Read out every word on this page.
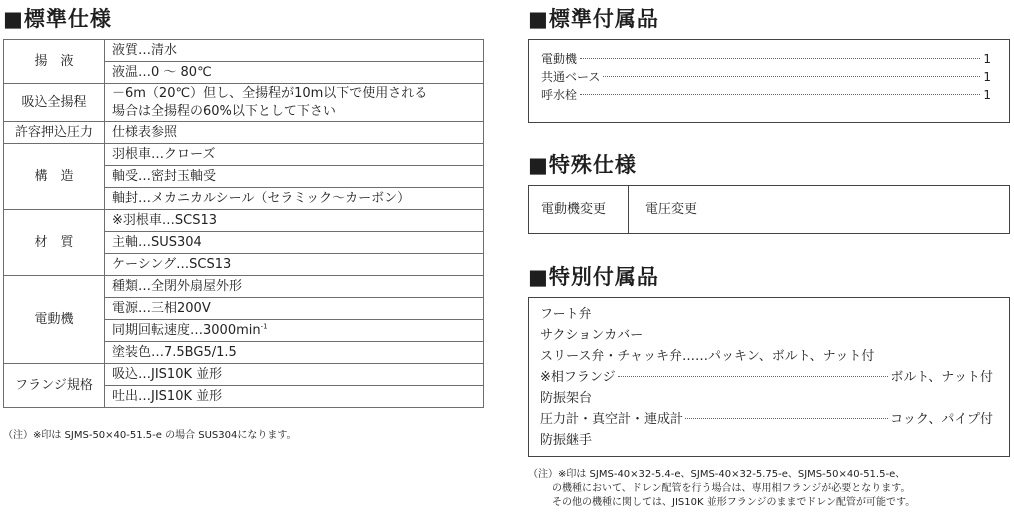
■標準仕様
揚　液	液質…清水
	液温…0 ～ 80℃
吸込全揚程	－6m（20℃）但し、全揚程が10m以下で使用される
場合は全揚程の60%以下として下さい

許容押込圧力	仕様表参照
構　造	羽根車…クローズ
	軸受…密封玉軸受
	軸封…メカニカルシール（セラミック～カーボン）
材　質	※羽根車…SCS13
	主軸…SUS304
	ケーシング…SCS13
電動機	種類…全閉外扇屋外形
	電源…三相200V
	同期回転速度$\dots 3000\min^{-1}$
	塗装色…7.5BG5/1.5
フランジ規格	吸込…JIS10K 並形
	吐出…JIS10K 並形
（注）※印は SJMS-50×40-51.5-e の場合 SUS304になります。
■標準付属品
電動機	1
共通ベース	1
呼水栓	1
■特殊仕様
電動機変更	電圧変更
■特別付属品
フート弁
サクションカバー
スリース弁・チャッキ弁……パッキン、ボルト、ナット付
※相フランジ	ボルト、ナット付
防振架台
圧力計・真空計・連成計	コック、パイプ付
防振継手
（注）※印は SJMS-40×32-5.4-e、SJMS-40×32-5.75-e、SJMS-50×40-51.5-e、
の機種において、ドレン配管を行う場合は、専用相フランジが必要となります。
その他の機種に関しては、JIS10K 並形フランジのままでドレン配管が可能です。
